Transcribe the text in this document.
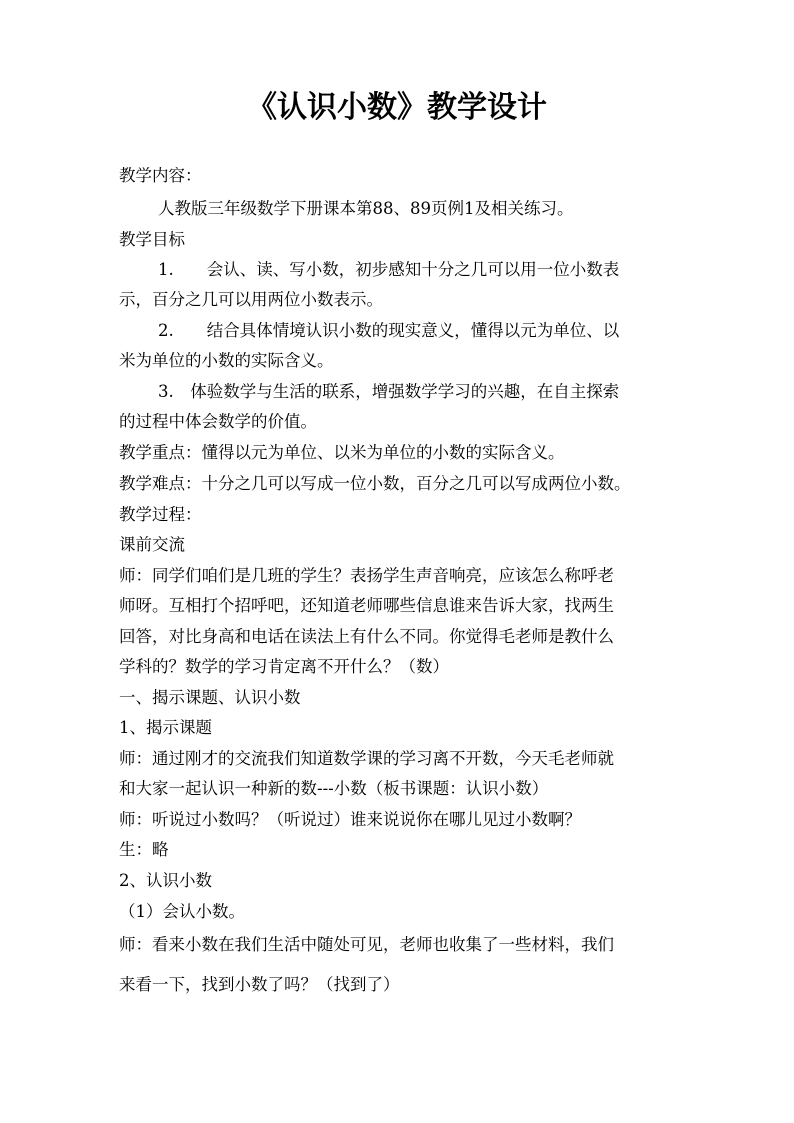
《认识小数》教学设计
教学内容：
人教版三年级数学下册课本第88、89页例1及相关练习。
教学目标
1.　　会认、读、写小数，初步感知十分之几可以用一位小数表
示，百分之几可以用两位小数表示。
2.　　结合具体情境认识小数的现实意义，懂得以元为单位、以
米为单位的小数的实际含义。
3.　体验数学与生活的联系，增强数学学习的兴趣，在自主探索
的过程中体会数学的价值。
教学重点：懂得以元为单位、以米为单位的小数的实际含义。
教学难点：十分之几可以写成一位小数，百分之几可以写成两位小数。
教学过程：
课前交流
师：同学们咱们是几班的学生？表扬学生声音响亮，应该怎么称呼老
师呀。互相打个招呼吧，还知道老师哪些信息谁来告诉大家，找两生
回答，对比身高和电话在读法上有什么不同。你觉得毛老师是教什么
学科的？数学的学习肯定离不开什么？（数）
一、揭示课题、认识小数
1、揭示课题
师：通过刚才的交流我们知道数学课的学习离不开数，今天毛老师就
和大家一起认识一种新的数---小数（板书课题：认识小数）
师：听说过小数吗？（听说过）谁来说说你在哪儿见过小数啊？
生：略
2、认识小数
（1）会认小数。
师：看来小数在我们生活中随处可见，老师也收集了一些材料，我们
来看一下，找到小数了吗？（找到了）
